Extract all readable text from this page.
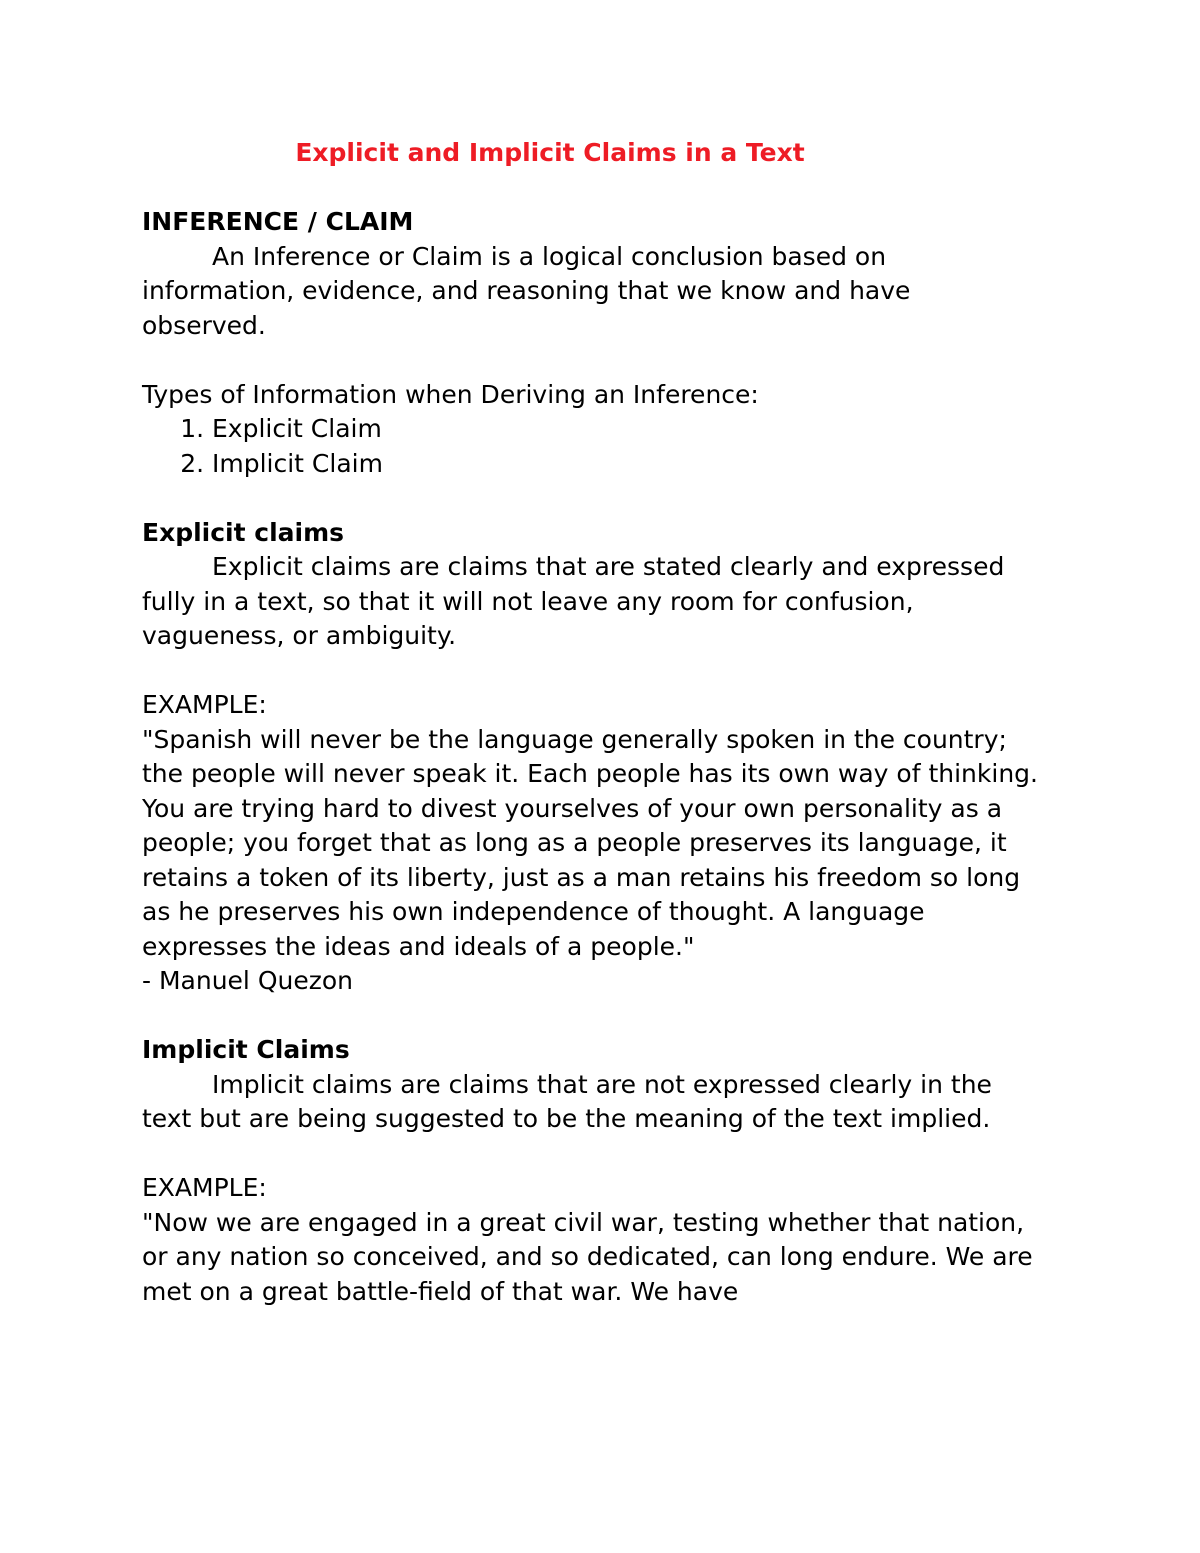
Explicit and Implicit Claims in a Text

INFERENCE / CLAIM

An Inference or Claim is a logical conclusion based on information, evidence, and reasoning that we know and have observed.

Types of Information when Deriving an Inference:

1. Explicit Claim
2. Implicit Claim

Explicit claims

Explicit claims are claims that are stated clearly and expressed fully in a text, so that it will not leave any room for confusion, vagueness, or ambiguity.

EXAMPLE:

"Spanish will never be the language generally spoken in the country; the people will never speak it. Each people has its own way of thinking. You are trying hard to divest yourselves of your own personality as a people; you forget that as long as a people preserves its language, it retains a token of its liberty, just as a man retains his freedom so long as he preserves his own independence of thought. A language expresses the ideas and ideals of a people."

- Manuel Quezon

Implicit Claims

Implicit claims are claims that are not expressed clearly in the text but are being suggested to be the meaning of the text implied.

EXAMPLE:

"Now we are engaged in a great civil war, testing whether that nation, or any nation so conceived, and so dedicated, can long endure. We are met on a great battle-field of that war. We have
